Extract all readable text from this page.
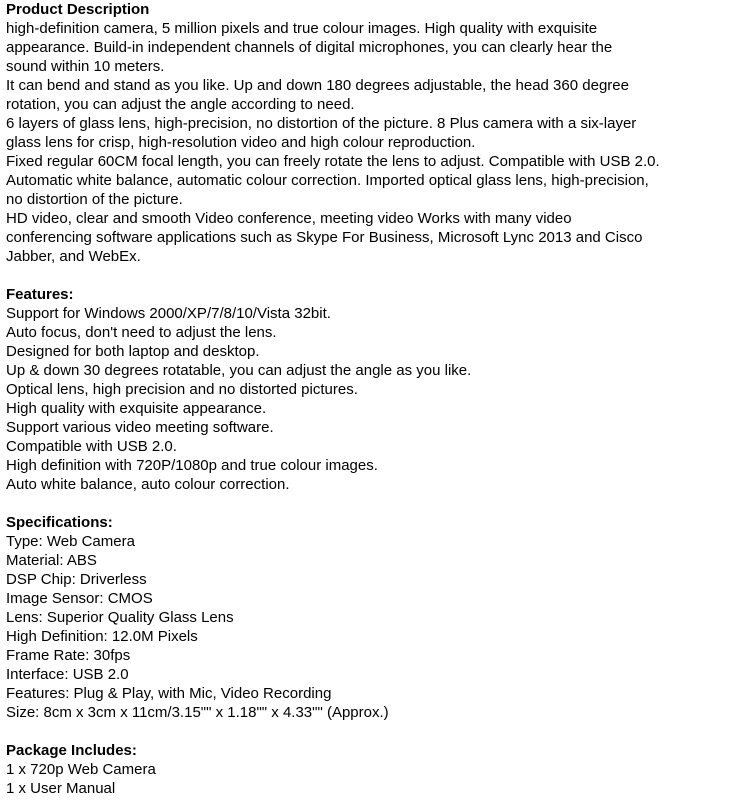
Product Description

high-definition camera, 5 million pixels and true colour images. High quality with exquisite

appearance. Build-in independent channels of digital microphones, you can clearly hear the

sound within 10 meters.

It can bend and stand as you like. Up and down 180 degrees adjustable, the head 360 degree

rotation, you can adjust the angle according to need.

6 layers of glass lens, high-precision, no distortion of the picture. 8 Plus camera with a six-layer

glass lens for crisp, high-resolution video and high colour reproduction.

Fixed regular 60CM focal length, you can freely rotate the lens to adjust. Compatible with USB 2.0.

Automatic white balance, automatic colour correction. Imported optical glass lens, high-precision,

no distortion of the picture.

HD video, clear and smooth Video conference, meeting video Works with many video

conferencing software applications such as Skype For Business, Microsoft Lync 2013 and Cisco

Jabber, and WebEx.

Features:

Support for Windows 2000/XP/7/8/10/Vista 32bit.

Auto focus, don't need to adjust the lens.

Designed for both laptop and desktop.

Up & down 30 degrees rotatable, you can adjust the angle as you like.

Optical lens, high precision and no distorted pictures.

High quality with exquisite appearance.

Support various video meeting software.

Compatible with USB 2.0.

High definition with 720P/1080p and true colour images.

Auto white balance, auto colour correction.

Specifications:

Type: Web Camera

Material: ABS

DSP Chip: Driverless

Image Sensor: CMOS

Lens: Superior Quality Glass Lens

High Definition: 12.0M Pixels

Frame Rate: 30fps

Interface: USB 2.0

Features: Plug & Play, with Mic, Video Recording

Size: 8cm x 3cm x 11cm/3.15"" x 1.18"" x 4.33"" (Approx.)

Package Includes:

1 x 720p Web Camera

1 x User Manual
